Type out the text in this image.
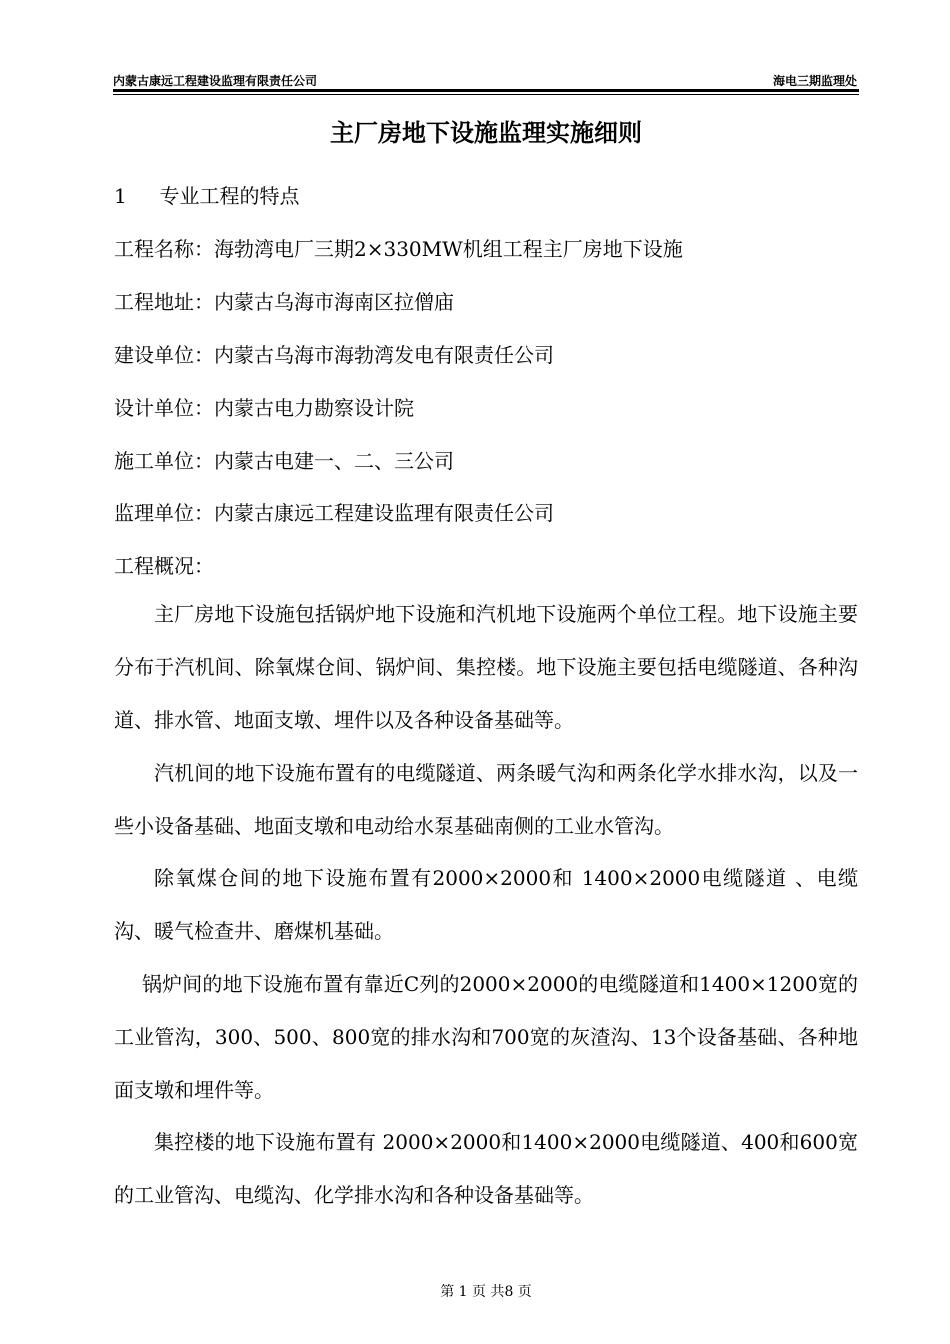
内蒙古康远工程建设监理有限责任公司	海电三期监理处
主厂房地下设施监理实施细则
1 专业工程的特点
工程名称：海勃湾电厂三期2×330MW机组工程主厂房地下设施
工程地址：内蒙古乌海市海南区拉僧庙
建设单位：内蒙古乌海市海勃湾发电有限责任公司
设计单位：内蒙古电力勘察设计院
施工单位：内蒙古电建一、二、三公司
监理单位：内蒙古康远工程建设监理有限责任公司
工程概况：
主厂房地下设施包括锅炉地下设施和汽机地下设施两个单位工程。地下设施主要分布于汽机间、除氧煤仓间、锅炉间、集控楼。地下设施主要包括电缆隧道、各种沟道、排水管、地面支墩、埋件以及各种设备基础等。
汽机间的地下设施布置有的电缆隧道、两条暖气沟和两条化学水排水沟，以及一些小设备基础、地面支墩和电动给水泵基础南侧的工业水管沟。
除氧煤仓间的地下设施布置有2000×2000和 1400×2000电缆隧道 、电缆沟、暖气检查井、磨煤机基础。
锅炉间的地下设施布置有靠近C列的2000×2000的电缆隧道和1400×1200宽的工业管沟，300、500、800宽的排水沟和700宽的灰渣沟、13个设备基础、各种地面支墩和埋件等。
集控楼的地下设施布置有 2000×2000和1400×2000电缆隧道、400和600宽的工业管沟、电缆沟、化学排水沟和各种设备基础等。
第 1 页 共8 页
